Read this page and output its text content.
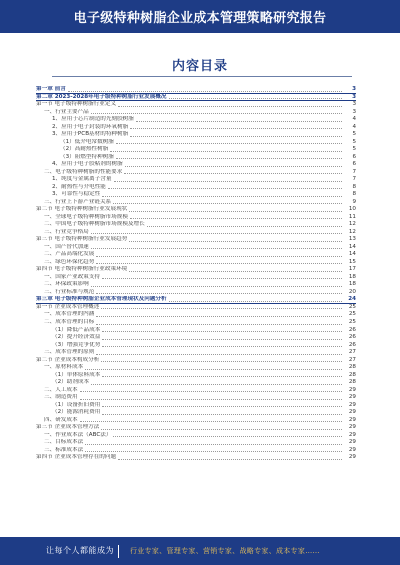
电子级特种树脂企业成本管理策略研究报告
内容目录
第一章 前言	3
第二章 2023-2028年电子级特种树脂行业发展概况	3
第一节 电子级特种树脂行业定义	3
一、行业主要产品	3
1、应用于芯片制造的光刻胶树脂	4
2、应用于电子封装的环氧树脂	4
3、应用于PCB基材的特种树脂	5
（1）低介电常数树脂	5
（2）高耐热性树脂	5
（3）阻燃型特种树脂	6
4、应用于电子胶粘剂的树脂	6
二、电子级特种树脂的性能要求	7
1、纯度与金属离子含量	7
2、耐热性与介电性能	8
3、可靠性与稳定性	8
三、行业上下游产业链关系	9
第二节 电子级特种树脂行业发展现状	10
一、全球电子级特种树脂市场规模	11
二、中国电子级特种树脂市场规模及增长	12
三、行业竞争格局	12
第三节 电子级特种树脂行业发展趋势	13
一、国产替代加速	14
二、产品高端化发展	14
三、绿色环保化趋势	15
第四节 电子级特种树脂行业政策环境	17
一、国家产业政策支持	18
二、环保政策影响	18
三、行业标准与规范	20
第三章 电子级特种树脂企业成本管理现状及问题分析	24
第一节 企业成本管理概述	25
一、成本管理的内涵	25
二、成本管理的目标	25
（1）降低产品成本	26
（2）提升经济效益	26
（3）增强竞争优势	26
三、成本管理的原则	27
第二节 企业成本构成分析	27
一、原材料成本	28
（1）单体原料成本	28
（2）助剂成本	28
二、人工成本	29
三、制造费用	29
（1）设备折旧费用	29
（2）能源消耗费用	29
四、研发成本	29
第三节 企业成本管理方法	29
一、作业成本法（ABC法）	29
二、目标成本法	29
三、标准成本法	29
第四节 企业成本管理存在的问题	29
让每个人都能成为 行业专家、管理专家、营销专家、战略专家、成本专家……
